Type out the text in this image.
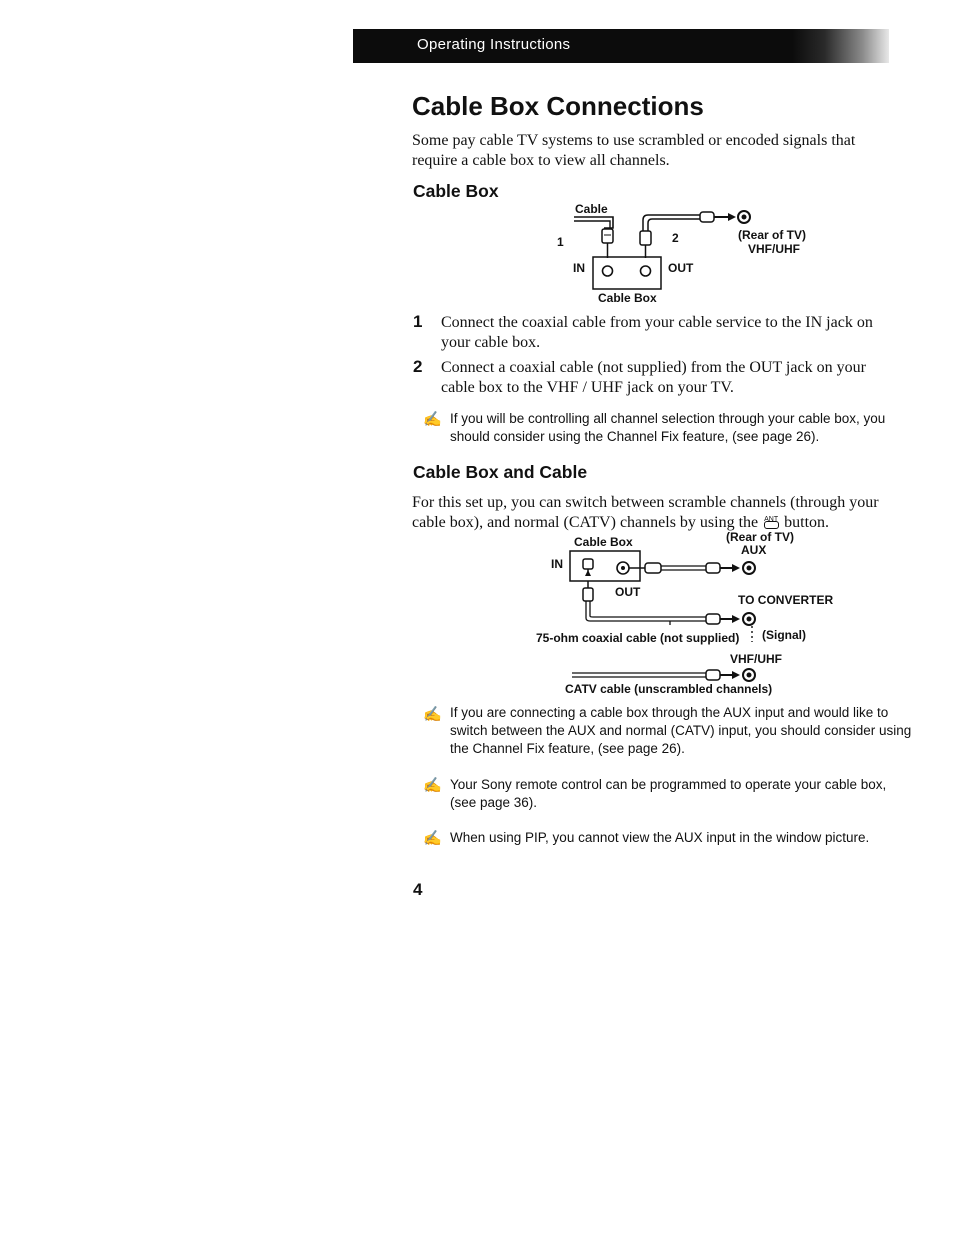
Operating Instructions
Cable Box Connections
Some pay cable TV systems to use scrambled or encoded signals that
require a cable box to view all channels.
Cable Box
Cable
1	2	(Rear of TV)
VHF/UHF
IN	OUT
Cable Box
1 Connect the coaxial cable from your cable service to the IN jack on
your cable box.
2 Connect a coaxial cable (not supplied) from the OUT jack on your
cable box to the VHF / UHF jack on your TV.
✍ If you will be controlling all channel selection through your cable box, you
should consider using the Channel Fix feature, (see page 26).
Cable Box and Cable
For this set up, you can switch between scramble channels (through your
cable box), and normal (CATV) channels by using the ANT button.
Cable Box	(Rear of TV)
AUX
IN
OUT
TO CONVERTER
75-ohm coaxial cable (not supplied) (Signal)
VHF/UHF
CATV cable (unscrambled channels)
✍ If you are connecting a cable box through the AUX input and would like to
switch between the AUX and normal (CATV) input, you should consider using
the Channel Fix feature, (see page 26).
✍ Your Sony remote control can be programmed to operate your cable box,
(see page 36).
✍ When using PIP, you cannot view the AUX input in the window picture.
4
